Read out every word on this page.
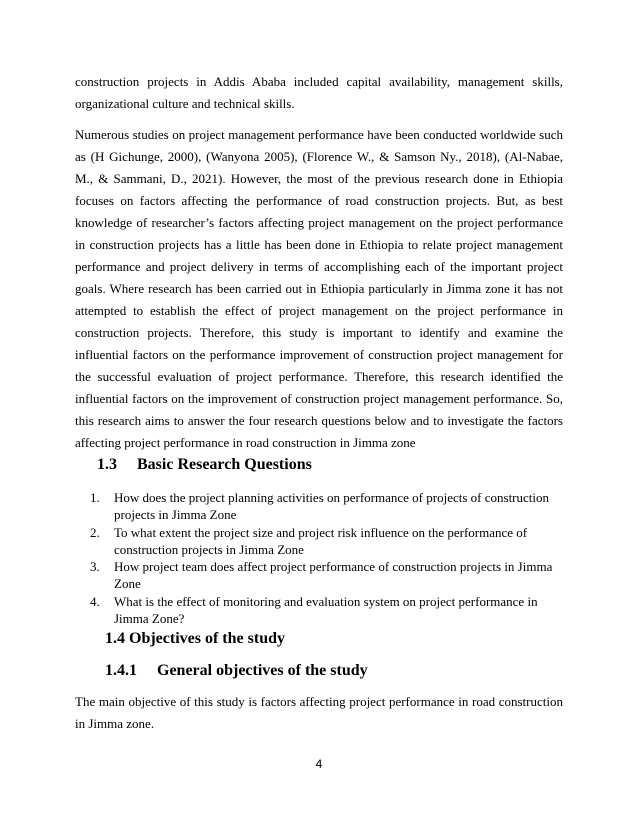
construction projects in Addis Ababa included capital availability, management skills, organizational culture and technical skills.

Numerous studies on project management performance have been conducted worldwide such as (H Gichunge, 2000), (Wanyona 2005), (Florence W., & Samson Ny., 2018), (Al-Nabae, M., & Sammani, D., 2021). However, the most of the previous research done in Ethiopia focuses on factors affecting the performance of road construction projects. But, as best knowledge of researcher’s factors affecting project management on the project performance in construction projects has a little has been done in Ethiopia to relate project management performance and project delivery in terms of accomplishing each of the important project goals. Where research has been carried out in Ethiopia particularly in Jimma zone it has not attempted to establish the effect of project management on the project performance in construction projects. Therefore, this study is important to identify and examine the influential factors on the performance improvement of construction project management for the successful evaluation of project performance. Therefore, this research identified the influential factors on the improvement of construction project management performance. So, this research aims to answer the four research questions below and to investigate the factors affecting project performance in road construction in Jimma zone

1.3 Basic Research Questions
1. How does the project planning activities on performance of projects of construction projects in Jimma Zone
2. To what extent the project size and project risk influence on the performance of construction projects in Jimma Zone
3. How project team does affect project performance of construction projects in Jimma Zone
4. What is the effect of monitoring and evaluation system on project performance in Jimma Zone?
1.4 Objectives of the study
1.4.1 General objectives of the study

The main objective of this study is factors affecting project performance in road construction in Jimma zone.

4
